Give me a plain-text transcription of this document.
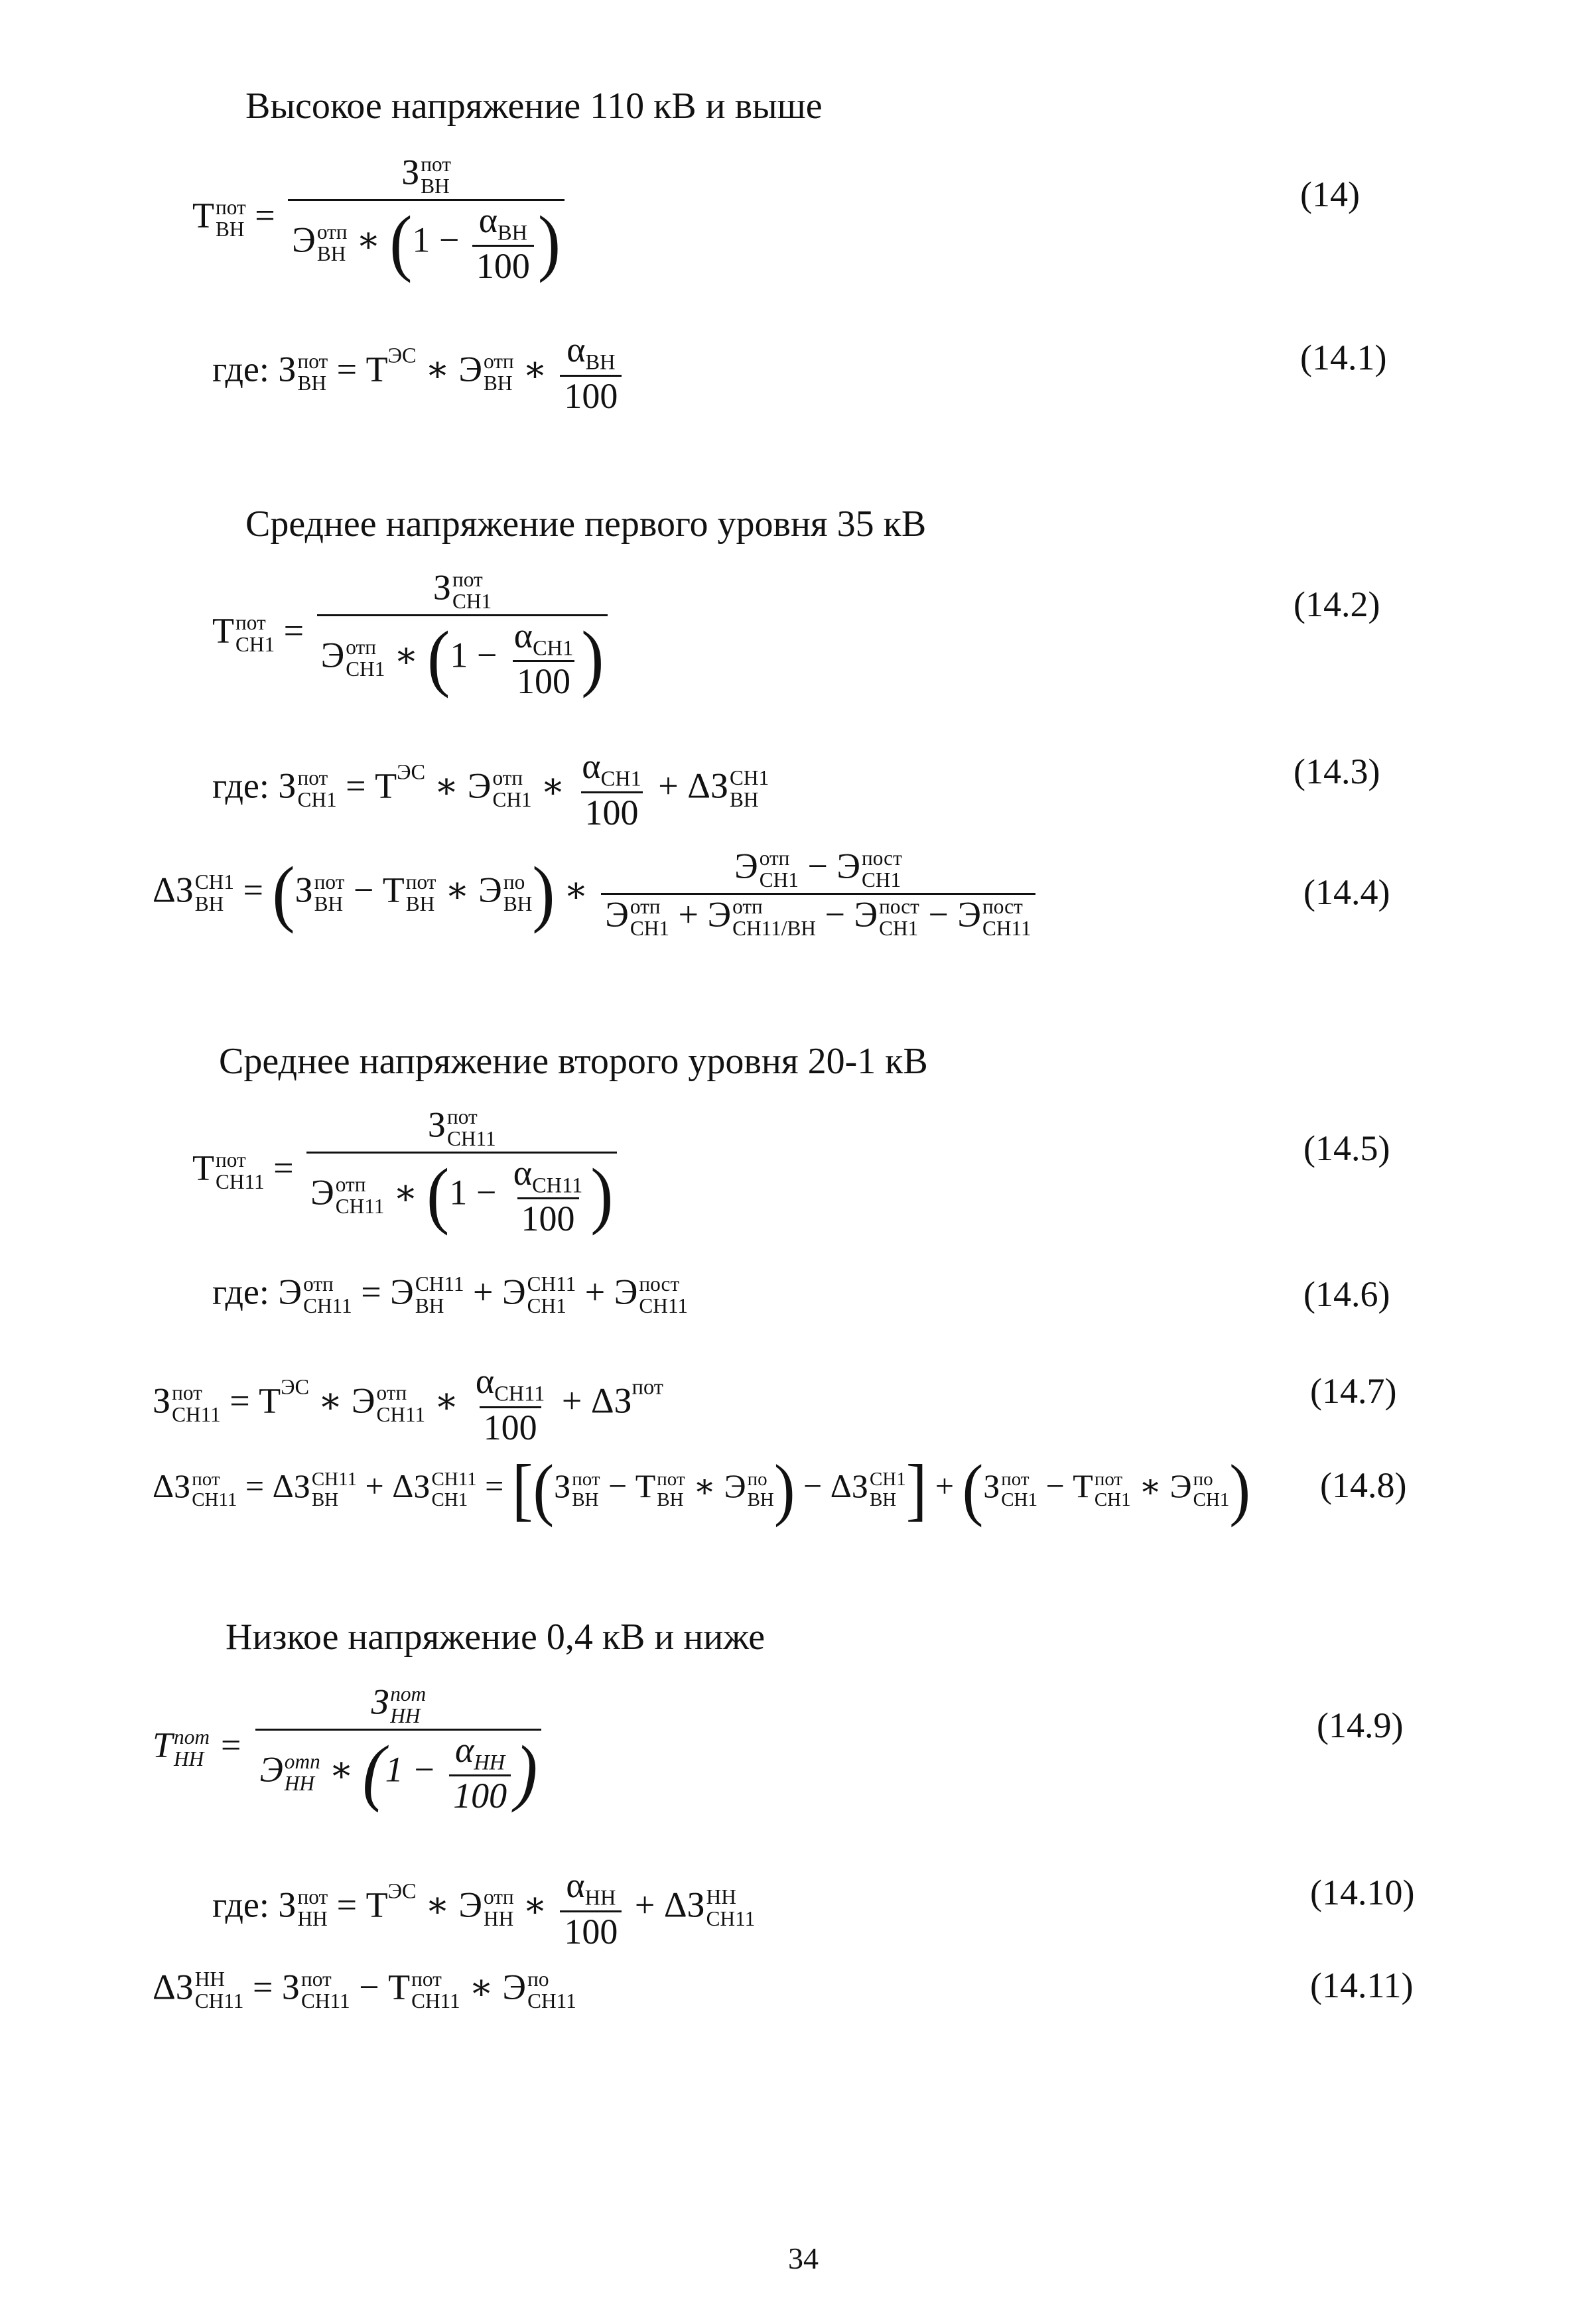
Высокое напряжение 110 кВ и выше
Т пот
ВН = З пот
ВН
Э отп
ВН ∗ ($1 - \frac{\alpha_{ВН}}{100}$ )	(14)
где: З пот
ВН = $Т^{ЭС}$ ∗ Э отп
ВН ∗ $\frac{\alpha_{ВН}}{100}$	(14.1)
Среднее напряжение первого уровня 35 кВ
Т пот
СН1 = З пот
СН1
Э отп
СН1 ∗ ($1 - \frac{\alpha_{СН1}}{100}$ )	(14.2)
где: З пот
$СН1 = Т^{ЭС}$ ∗ Э отп
СН1 ∗ $\frac{\alpha_{СН1}}{100} + \Delta З$ СН1
ВН
(14.3)
ΔЗ СН1
ВН = (З пот
ВН − Т пот
ВН ∗ Э по
ВН ) ∗ Э отп
СН1 − Э пост
СН1
Э отп
СН1 + Э отп
СН11/ВН − Э пост
СН1 − Э пост
СН11	(14.4)
Среднее напряжение второго уровня 20-1 кВ
Т пот
СН11 = З пот
СН11
Э отп
СН11 ∗ ($1 - \frac{\alpha_{СН11}}{100}$ )	(14.5)
где: Э отп
СН11 = Э СН11
ВН + Э СН11
СН1 + Э пост
СН11	(14.6)
З пот
$СН11 = Т^{ЭС}$ ∗ Э отп
СН11 ∗ $\frac{\alpha_{СН11}}{100} + \Delta З^{пот}$	(14.7)
ΔЗ пот
СН11 = ΔЗ СН11
ВН + ΔЗ СН11
СН1 = [(З пот
ВН − Т пот
ВН ∗ Э по
ВН ) − ΔЗ СН1
ВН ] + (З пот
СН1 − Т пот
СН1 ∗ Э по
СН1 ) (14.8)
Низкое напряжение 0,4 кВ и ниже
Т пот
НН = З пот
НН
Э отп
НН ∗ ($1 - \frac{\alpha_{НН}}{100}$ )	(14.9)
где: З пот
НН = $Т^{ЭС}$ ∗ Э отп
НН ∗ $\frac{\alpha_{НН}}{100} + \Delta З$ НН
СН11
(14.10)
ΔЗ НН
СН11 = З пот
СН11 − Т пот
СН11 ∗ Э по
СН11	(14.11)
34
